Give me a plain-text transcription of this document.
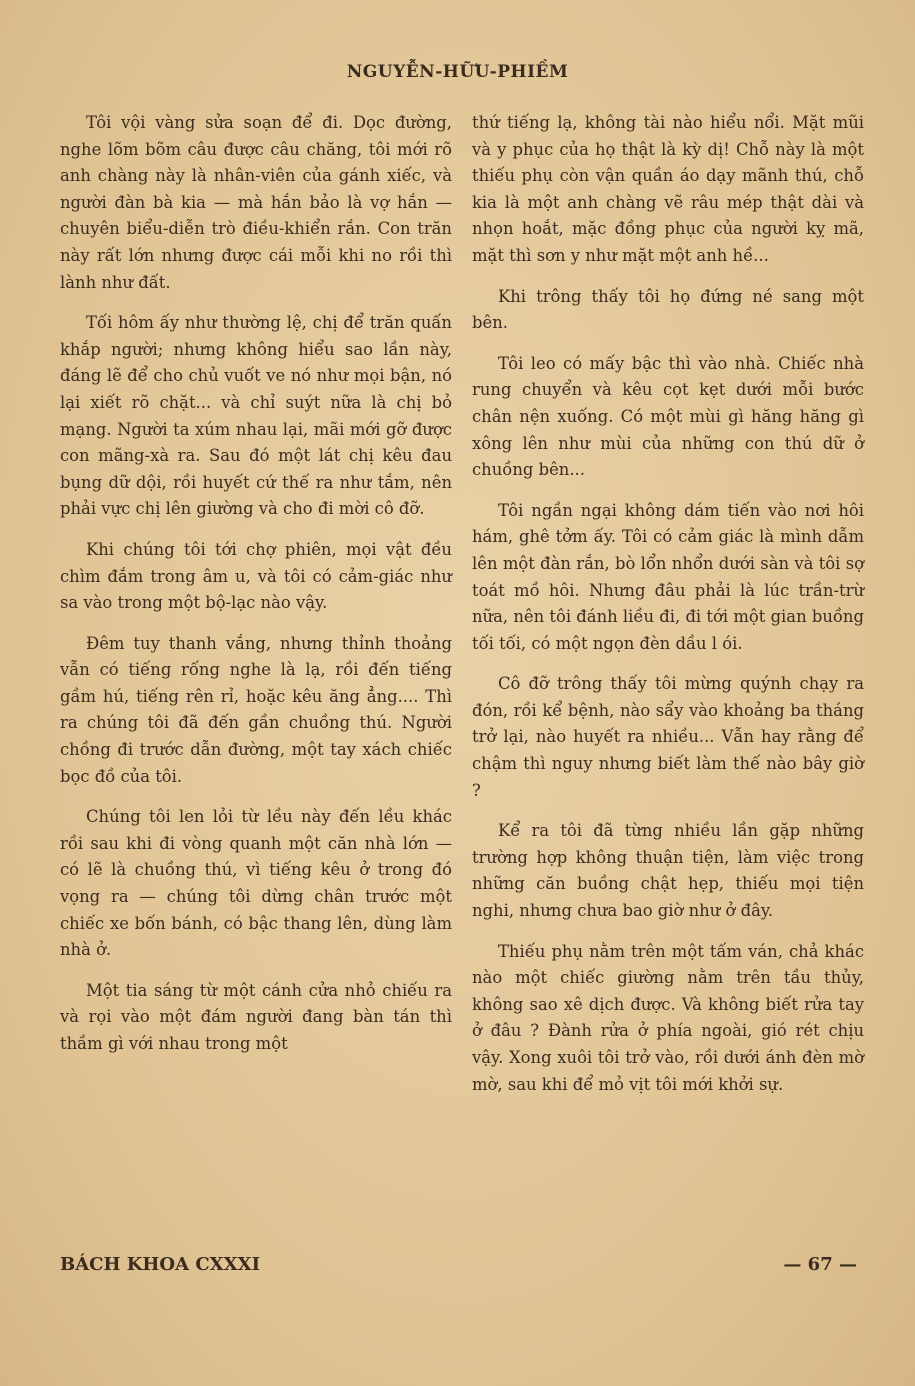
NGUYỄN-HỮU-PHIỀM

Tôi vội vàng sửa soạn để đi. Dọc đường, nghe lõm bõm câu được câu chăng, tôi mới rõ anh chàng này là nhân-viên của gánh xiếc, và người đàn bà kia — mà hắn bảo là vợ hắn — chuyên biểu-diễn trò điều-khiển rắn. Con trăn này rất lớn nhưng được cái mỗi khi no rồi thì lành như đất.

Tối hôm ấy như thường lệ, chị để trăn quấn khắp người; nhưng không hiểu sao lần này, đáng lẽ để cho chủ vuốt ve nó như mọi bận, nó lại xiết rõ chặt... và chỉ suýt nữa là chị bỏ mạng. Người ta xúm nhau lại, mãi mới gỡ được con mãng-xà ra. Sau đó một lát chị kêu đau bụng dữ dội, rồi huyết cứ thế ra như tắm, nên phải vực chị lên giường và cho đi mời cô đỡ.

Khi chúng tôi tới chợ phiên, mọi vật đều chìm đắm trong âm u, và tôi có cảm-giác như sa vào trong một bộ-lạc nào vậy.

Đêm tuy thanh vắng, nhưng thỉnh thoảng vẫn có tiếng rống nghe là lạ, rồi đến tiếng gầm hú, tiếng rên rỉ, hoặc kêu ăng ẳng.... Thì ra chúng tôi đã đến gần chuồng thú. Người chồng đi trước dẫn đường, một tay xách chiếc bọc đồ của tôi.

Chúng tôi len lỏi từ lều này đến lều khác rồi sau khi đi vòng quanh một căn nhà lớn — có lẽ là chuồng thú, vì tiếng kêu ở trong đó vọng ra — chúng tôi dừng chân trước một chiếc xe bốn bánh, có bậc thang lên, dùng làm nhà ở.

Một tia sáng từ một cánh cửa nhỏ chiếu ra và rọi vào một đám người đang bàn tán thì thầm gì với nhau trong một

thứ tiếng lạ, không tài nào hiểu nổi. Mặt mũi và y phục của họ thật là kỳ dị! Chỗ này là một thiếu phụ còn vận quần áo dạy mãnh thú, chỗ kia là một anh chàng vẽ râu mép thật dài và nhọn hoắt, mặc đồng phục của người kỵ mã, mặt thì sơn y như mặt một anh hề...

Khi trông thấy tôi họ đứng né sang một bên.

Tôi leo có mấy bậc thì vào nhà. Chiếc nhà rung chuyển và kêu cọt kẹt dưới mỗi bước chân nện xuống. Có một mùi gì hăng hăng gì xông lên như mùi của những con thú dữ ở chuồng bên...

Tôi ngần ngại không dám tiến vào nơi hôi hám, ghê tởm ấy. Tôi có cảm giác là mình dẫm lên một đàn rắn, bò lổn nhổn dưới sàn và tôi sợ toát mồ hôi. Nhưng đâu phải là lúc trần-trừ nữa, nên tôi đánh liều đi, đi tới một gian buồng tối tối, có một ngọn đèn dầu l ói.

Cô đỡ trông thấy tôi mừng quýnh chạy ra đón, rồi kể bệnh, nào sẩy vào khoảng ba tháng trở lại, nào huyết ra nhiều... Vẫn hay rằng để chậm thì nguy nhưng biết làm thế nào bây giờ ?

Kể ra tôi đã từng nhiều lần gặp những trường hợp không thuận tiện, làm việc trong những căn buồng chật hẹp, thiếu mọi tiện nghi, nhưng chưa bao giờ như ở đây.

Thiếu phụ nằm trên một tấm ván, chả khác nào một chiếc giường nằm trên tầu thủy, không sao xê dịch được. Và không biết rửa tay ở đâu ? Đành rửa ở phía ngoài, gió rét chịu vậy. Xong xuôi tôi trở vào, rồi dưới ánh đèn mờ mờ, sau khi để mỏ vịt tôi mới khởi sự.

BÁCH KHOA CXXXI	— 67 —
